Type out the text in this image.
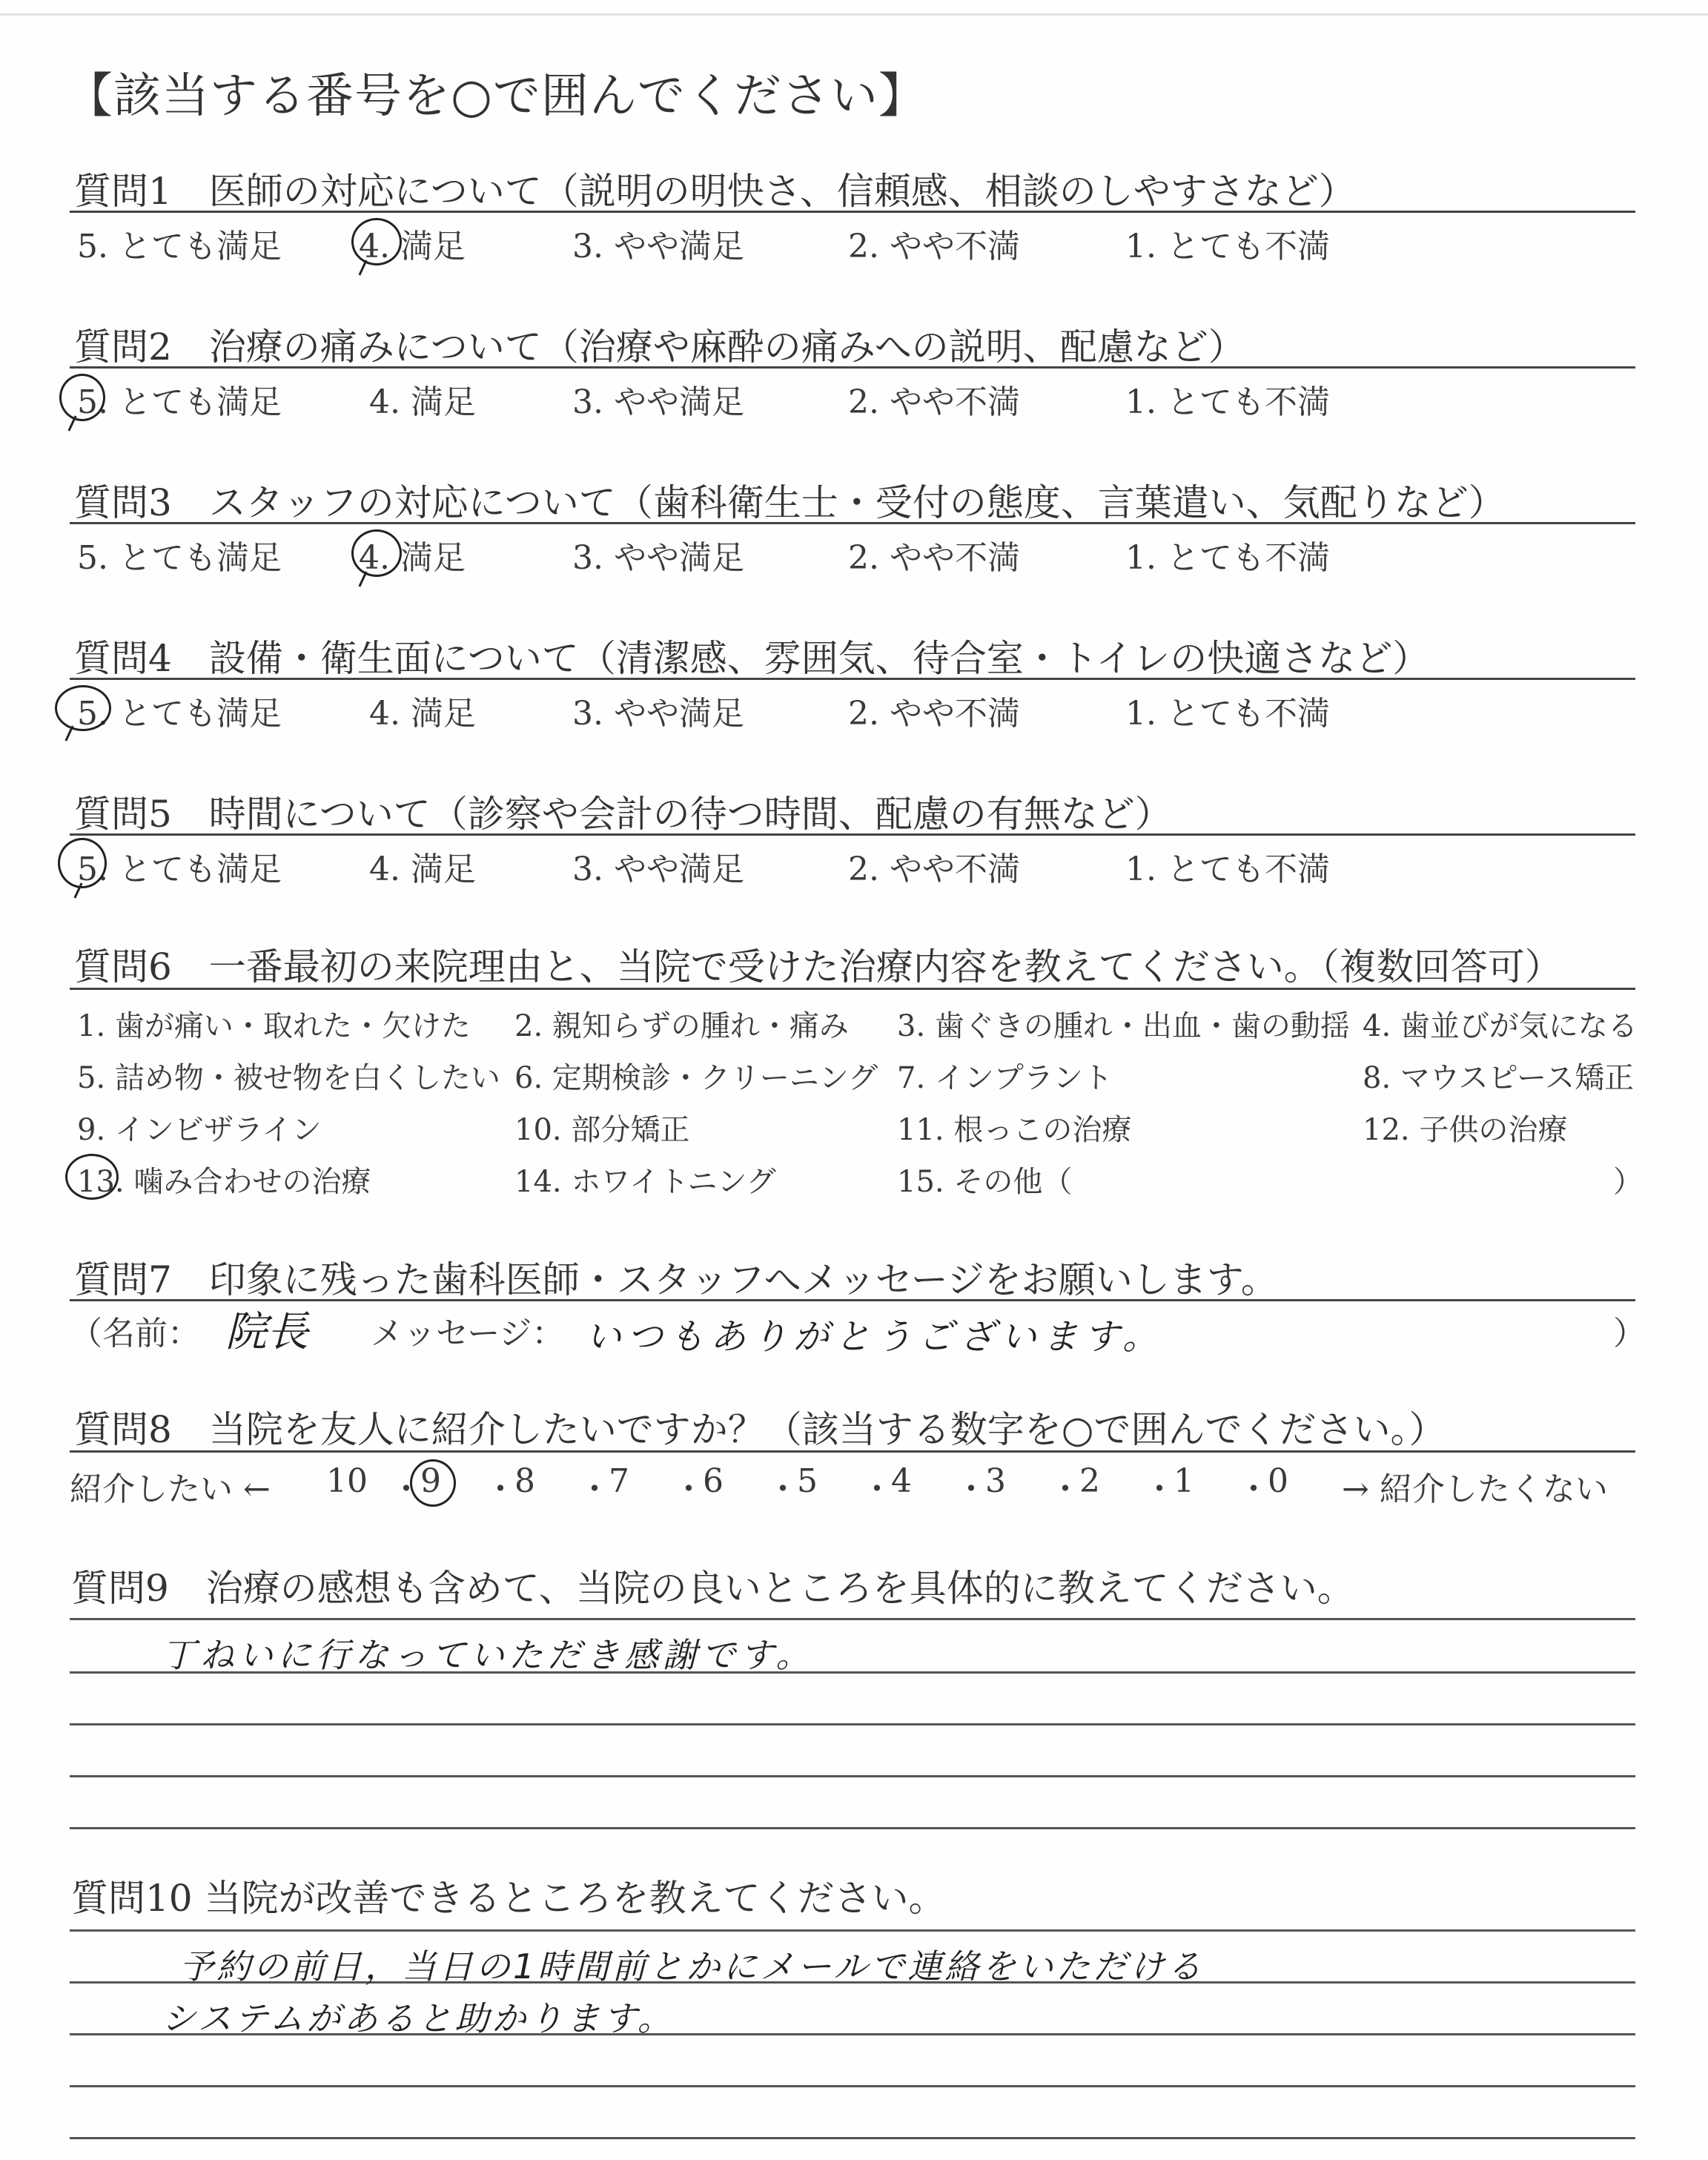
【該当する番号を○で囲んでください】
質問1　医師の対応について（説明の明快さ、信頼感、相談のしやすさなど）
5. とても満足 4. 満足	3. やや満足	2. やや不満	1. とても不満
質問2　治療の痛みについて（治療や麻酔の痛みへの説明、配慮など）
5. とても満足	4. 満足	3. やや満足	2. やや不満	1. とても不満
質問3　スタッフの対応について（歯科衛生士・受付の態度、言葉遣い、気配りなど）
5. とても満足 4. 満足	3. やや満足	2. やや不満	1. とても不満
質問4　設備・衛生面について（清潔感、雰囲気、待合室・トイレの快適さなど）
5. とても満足	4. 満足	3. やや満足	2. やや不満	1. とても不満
質問5　時間について（診察や会計の待つ時間、配慮の有無など）
5. とても満足	4. 満足	3. やや満足	2. やや不満	1. とても不満
質問6　一番最初の来院理由と、当院で受けた治療内容を教えてください。（複数回答可）
1. 歯が痛い・取れた・欠けた 2. 親知らずの腫れ・痛み 3. 歯ぐきの腫れ・出血・歯の動揺 4. 歯並びが気になる
5. 詰め物・被せ物を白くしたい 6. 定期検診・クリーニング 7. インプラント	8. マウスピース矯正
9. インビザライン	10. 部分矯正	11. 根っこの治療	12. 子供の治療
13. 噛み合わせの治療	14. ホワイトニング	15. その他（	）
質問7　印象に残った歯科医師・スタッフへメッセージをお願いします。
（名前： 院長 メッセージ： いつもありがとうございます。	）
質問8　当院を友人に紹介したいですか？（該当する数字を○で囲んでください。）
紹介したい ←	→ 紹介したくない
質問9　治療の感想も含めて、当院の良いところを具体的に教えてください。
丁ねいに行なっていただき感謝です。
質問10 当院が改善できるところを教えてください。
予約の前日，当日の1時間前とかにメールで連絡をいただける
システムがあると助かります。
10 ・
9 ・
8 ・
7 ・
6 ・
5 ・
4 ・
3 ・
2 ・
1 ・
0
